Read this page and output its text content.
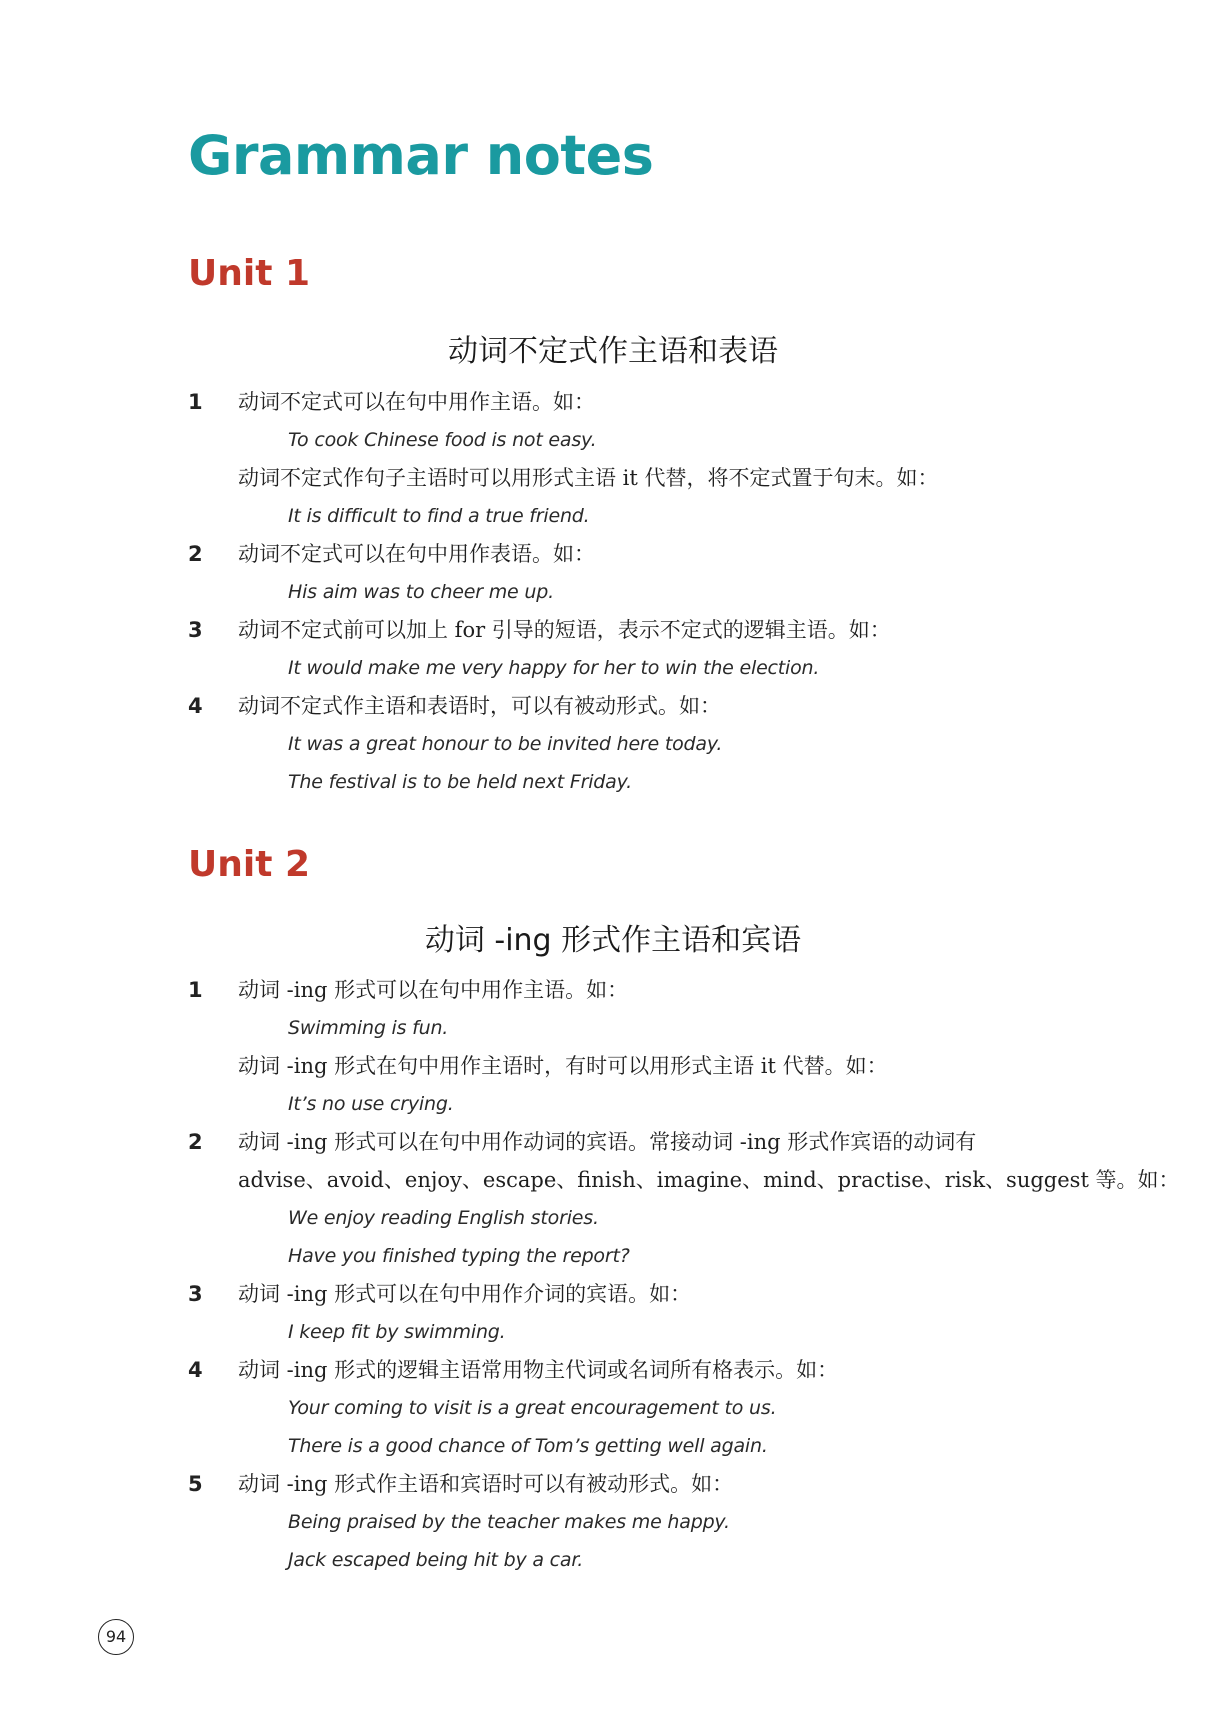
Grammar notes
Unit 1
动词不定式作主语和表语
1 动词不定式可以在句中用作主语。如：
To cook Chinese food is not easy.
动词不定式作句子主语时可以用形式主语 it 代替，将不定式置于句末。如：
It is difficult to find a true friend.
2 动词不定式可以在句中用作表语。如：
His aim was to cheer me up.
3 动词不定式前可以加上 for 引导的短语，表示不定式的逻辑主语。如：
It would make me very happy for her to win the election.
4 动词不定式作主语和表语时，可以有被动形式。如：
It was a great honour to be invited here today.
The festival is to be held next Friday.
Unit 2
动词 -ing 形式作主语和宾语
1 动词 -ing 形式可以在句中用作主语。如：
Swimming is fun.
动词 -ing 形式在句中用作主语时，有时可以用形式主语 it 代替。如：
It’s no use crying.
2 动词 -ing 形式可以在句中用作动词的宾语。常接动词 -ing 形式作宾语的动词有
advise、avoid、enjoy、escape、finish、imagine、mind、practise、risk、suggest 等。如：
We enjoy reading English stories.
Have you finished typing the report?
3 动词 -ing 形式可以在句中用作介词的宾语。如：
I keep fit by swimming.
4 动词 -ing 形式的逻辑主语常用物主代词或名词所有格表示。如：
Your coming to visit is a great encouragement to us.
There is a good chance of Tom’s getting well again.
5 动词 -ing 形式作主语和宾语时可以有被动形式。如：
Being praised by the teacher makes me happy.
Jack escaped being hit by a car.
94
